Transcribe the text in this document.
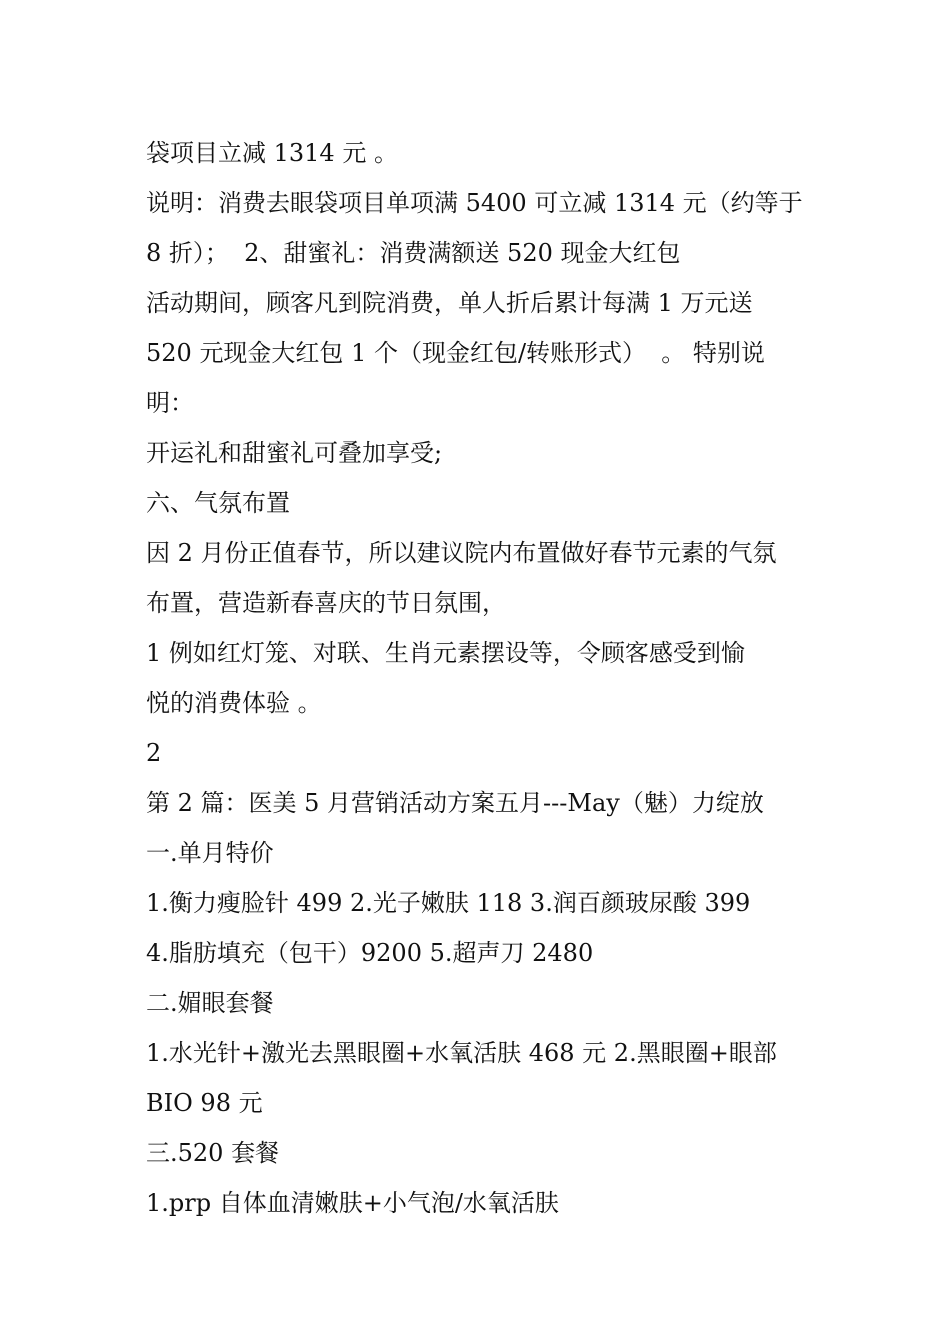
袋项目立减 1314 元 。
说明：消费去眼袋项目单项满 5400 可立减 1314 元（约等于
8 折）；  2、甜蜜礼：消费满额送 520 现金大红包
活动期间，顾客凡到院消费，单人折后累计每满 1 万元送
520 元现金大红包 1 个（现金红包/转账形式）  。 特别说
明：
开运礼和甜蜜礼可叠加享受;
六、气氛布置
因 2 月份正值春节，所以建议院内布置做好春节元素的气氛
布置，营造新春喜庆的节日氛围，
1 例如红灯笼、对联、生肖元素摆设等，令顾客感受到愉
悦的消费体验 。
2
第 2 篇：医美 5 月营销活动方案五月---May（魅）力绽放
一.单月特价
1.衡力瘦脸针 499 2.光子嫩肤 118 3.润百颜玻尿酸 399
4.脂肪填充（包干）9200 5.超声刀 2480
二.媚眼套餐
1.水光针+激光去黑眼圈+水氧活肤 468 元 2.黑眼圈+眼部
BIO 98 元
三.520 套餐
1.prp 自体血清嫩肤+小气泡/水氧活肤
